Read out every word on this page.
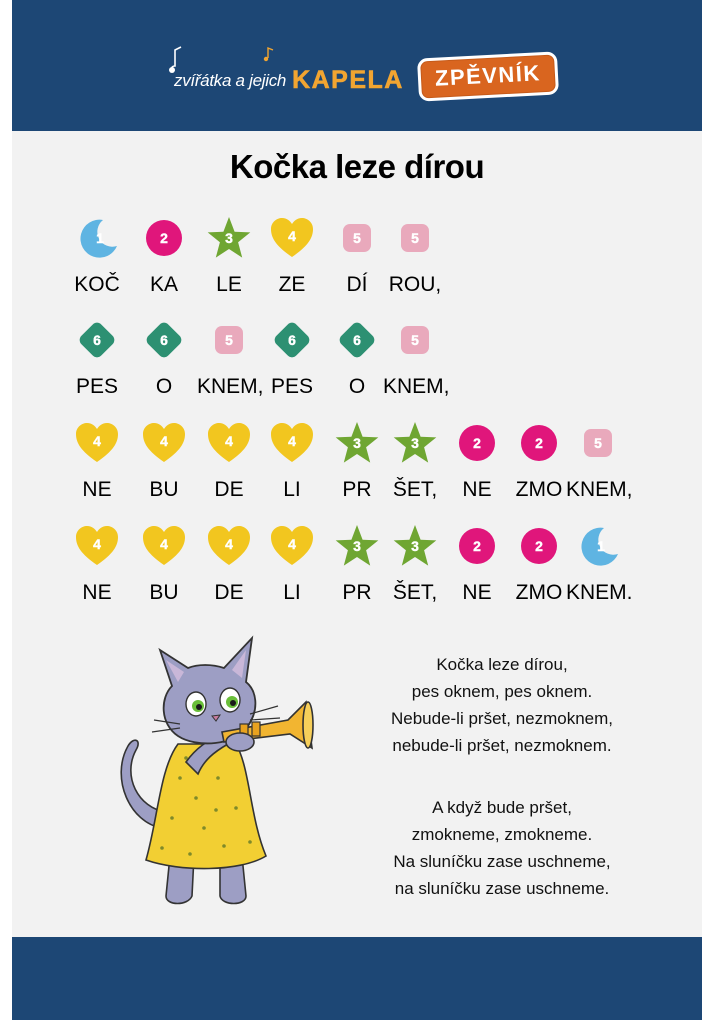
zvířátka a jejich KAPELA	ZPĚVNÍK
Kočka leze dírou
1
KOČ
2
KA
3
LE
4
ZE
5
DÍ
5
ROU,
6
PES
6
O
5
KNEM,
6
PES
6
O
5
KNEM,
4
NE
4
BU
4
DE
4
LI
3
PR
3
ŠET,
2
NE
2
ZMO
5
KNEM,
4
NE
4
BU
4
DE
4
LI
3
PR
3
ŠET,
2
NE
2
ZMO
1
KNEM.
Kočka leze dírou,
pes oknem, pes oknem.
Nebude-li pršet, nezmoknem,
nebude-li pršet, nezmoknem.
A když bude pršet,
zmokneme, zmokneme.
Na sluníčku zase uschneme,
na sluníčku zase uschneme.
